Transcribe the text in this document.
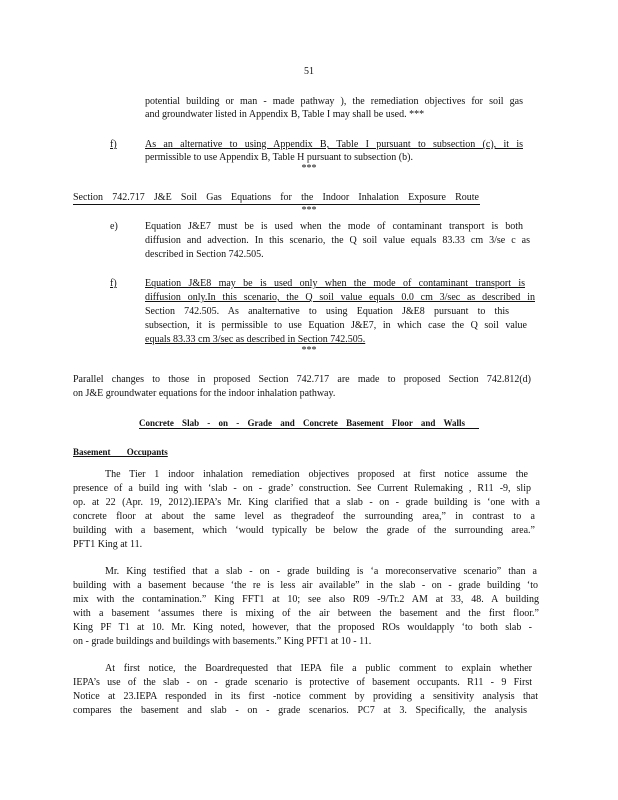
51
potential building or man - made pathway ), the remediation objectives for soil gas
and groundwater listed in Appendix B, Table I may shall be used. ***
f)	As an alternative to using Appendix B, Table I pursuant to subsection (c), it is
permissible to use Appendix B, Table H pursuant to subsection (b).
***
Section 742.717 J&E Soil Gas Equations for the Indoor Inhalation Exposure Route
***
e)	Equation J&E7 must be is used when the mode of contaminant transport is both
diffusion and advection. In this scenario, the Q soil value equals 83.33 cm 3/se c as
described in Section 742.505.
f)	Equation J&E8 may be is used only when the mode of contaminant transport is
diffusion only.In this scenario, the Q soil value equals 0.0 cm 3/sec as described in
Section 742.505. As analternative to using Equation J&E8 pursuant to this
subsection, it is permissible to use Equation J&E7, in which case the Q soil value
equals 83.33 cm 3/sec as described in Section 742.505.
***
Parallel changes to those in proposed Section 742.717 are made to proposed Section 742.812(d)
on J&E groundwater equations for the indoor inhalation pathway.
Concrete Slab - on - Grade and Concrete Basement Floor and Walls
Basement Occupants
The Tier 1 indoor inhalation remediation objectives proposed at first notice assume the
presence of a build ing with ‘slab - on - grade’ construction. See Current Rulemaking , R11 -9, slip
op. at 22 (Apr. 19, 2012).IEPA’s Mr. King clarified that a slab - on - grade building is ‘one with a
concrete floor at about the same level as thegradeof the surrounding area,” in contrast to a
building with a basement, which ‘would typically be below the grade of the surrounding area.”
PFT1 King at 11.
Mr. King testified that a slab - on - grade building is ‘a moreconservative scenario” than a
building with a basement because ‘the re is less air available” in the slab - on - grade building ‘to
mix with the contamination.” King FFT1 at 10; see also R09 -9/Tr.2 AM at 33, 48. A building
with a basement ‘assumes there is mixing of the air between the basement and the first floor.”
King PF T1 at 10. Mr. King noted, however, that the proposed ROs wouldapply ‘to both slab -
on - grade buildings and buildings with basements.” King PFT1 at 10 - 11.
At first notice, the Boardrequested that IEPA file a public comment to explain whether
IEPA’s use of the slab - on - grade scenario is protective of basement occupants. R11 - 9 First
Notice at 23.IEPA responded in its first -notice comment by providing a sensitivity analysis that
compares the basement and slab - on - grade scenarios. PC7 at 3. Specifically, the analysis
